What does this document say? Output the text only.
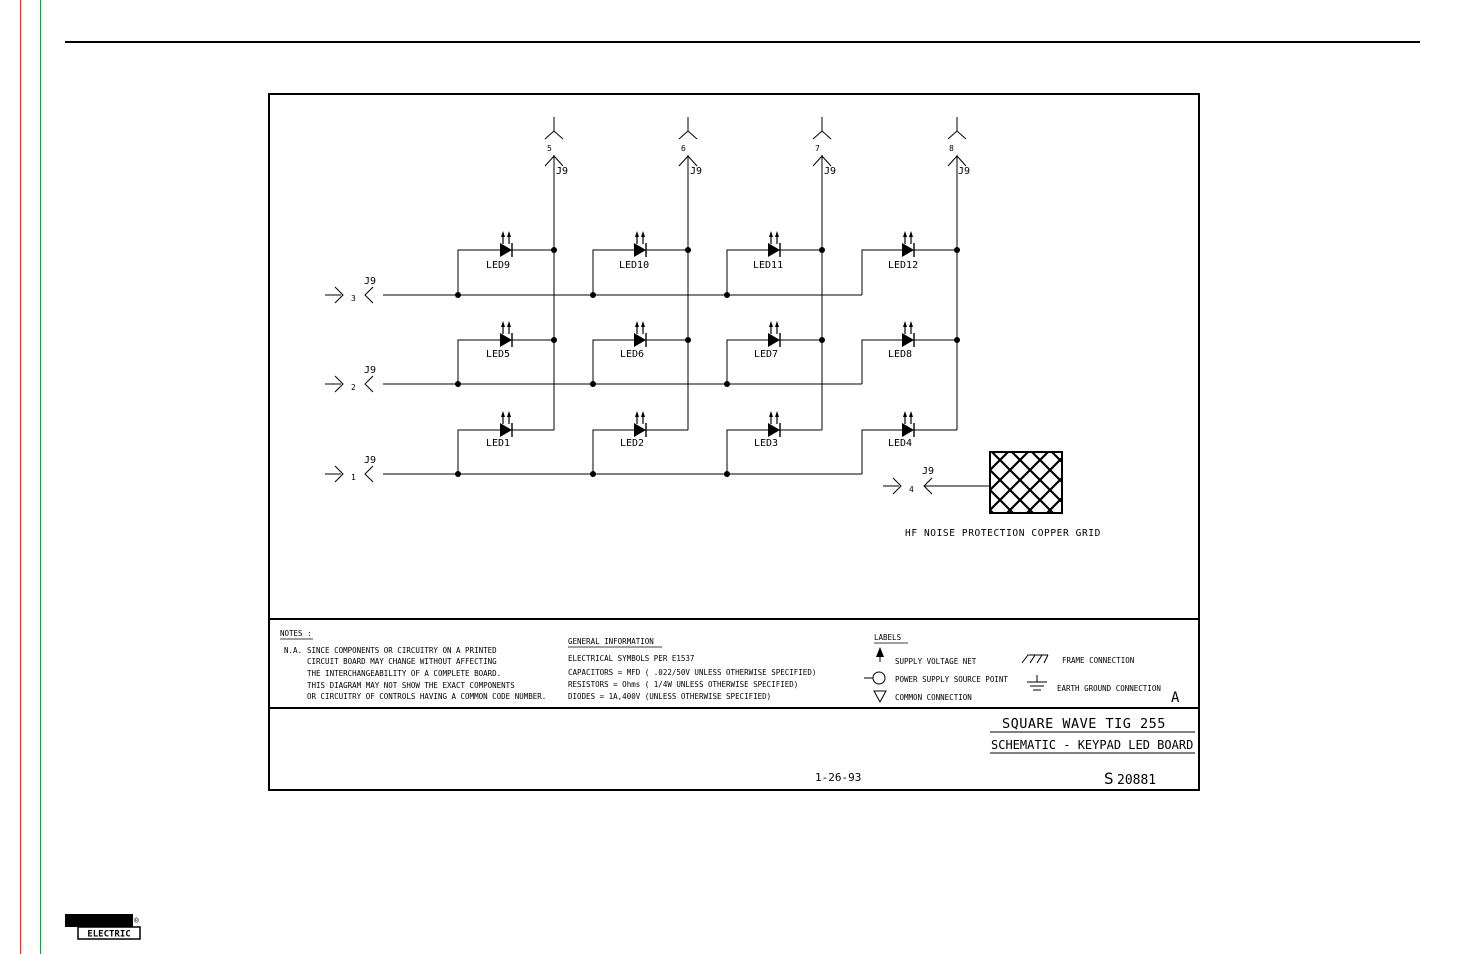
LED9	LED10	LED11	LED12
LED5	LED6	LED7	LED8
LED1	LED2	LED3	LED4
5	6	7	8
J9	J9	J9	J9
J9
J9
J9
3
2
1
J9
4
HF NOISE PROTECTION COPPER GRID
NOTES :
N.A. SINCE COMPONENTS OR CIRCUITRY ON A PRINTED
CIRCUIT BOARD MAY CHANGE WITHOUT AFFECTING
THE INTERCHANGEABILITY OF A COMPLETE BOARD.
THIS DIAGRAM MAY NOT SHOW THE EXACT COMPONENTS
OR CIRCUITRY OF CONTROLS HAVING A COMMON CODE NUMBER.
GENERAL INFORMATION
ELECTRICAL SYMBOLS PER E1537
CAPACITORS = MFD ( .022/50V UNLESS OTHERWISE SPECIFIED)
RESISTORS = Ohms ( 1/4W UNLESS OTHERWISE SPECIFIED)
DIODES = 1A,400V (UNLESS OTHERWISE SPECIFIED)
LABELS
SUPPLY VOLTAGE NET
POWER SUPPLY SOURCE POINT
COMMON CONNECTION
FRAME CONNECTION
EARTH GROUND CONNECTION
A
SQUARE WAVE TIG 255
SCHEMATIC - KEYPAD LED BOARD
1-26-93	S 20881
LINCOLN
ELECTRIC
®
